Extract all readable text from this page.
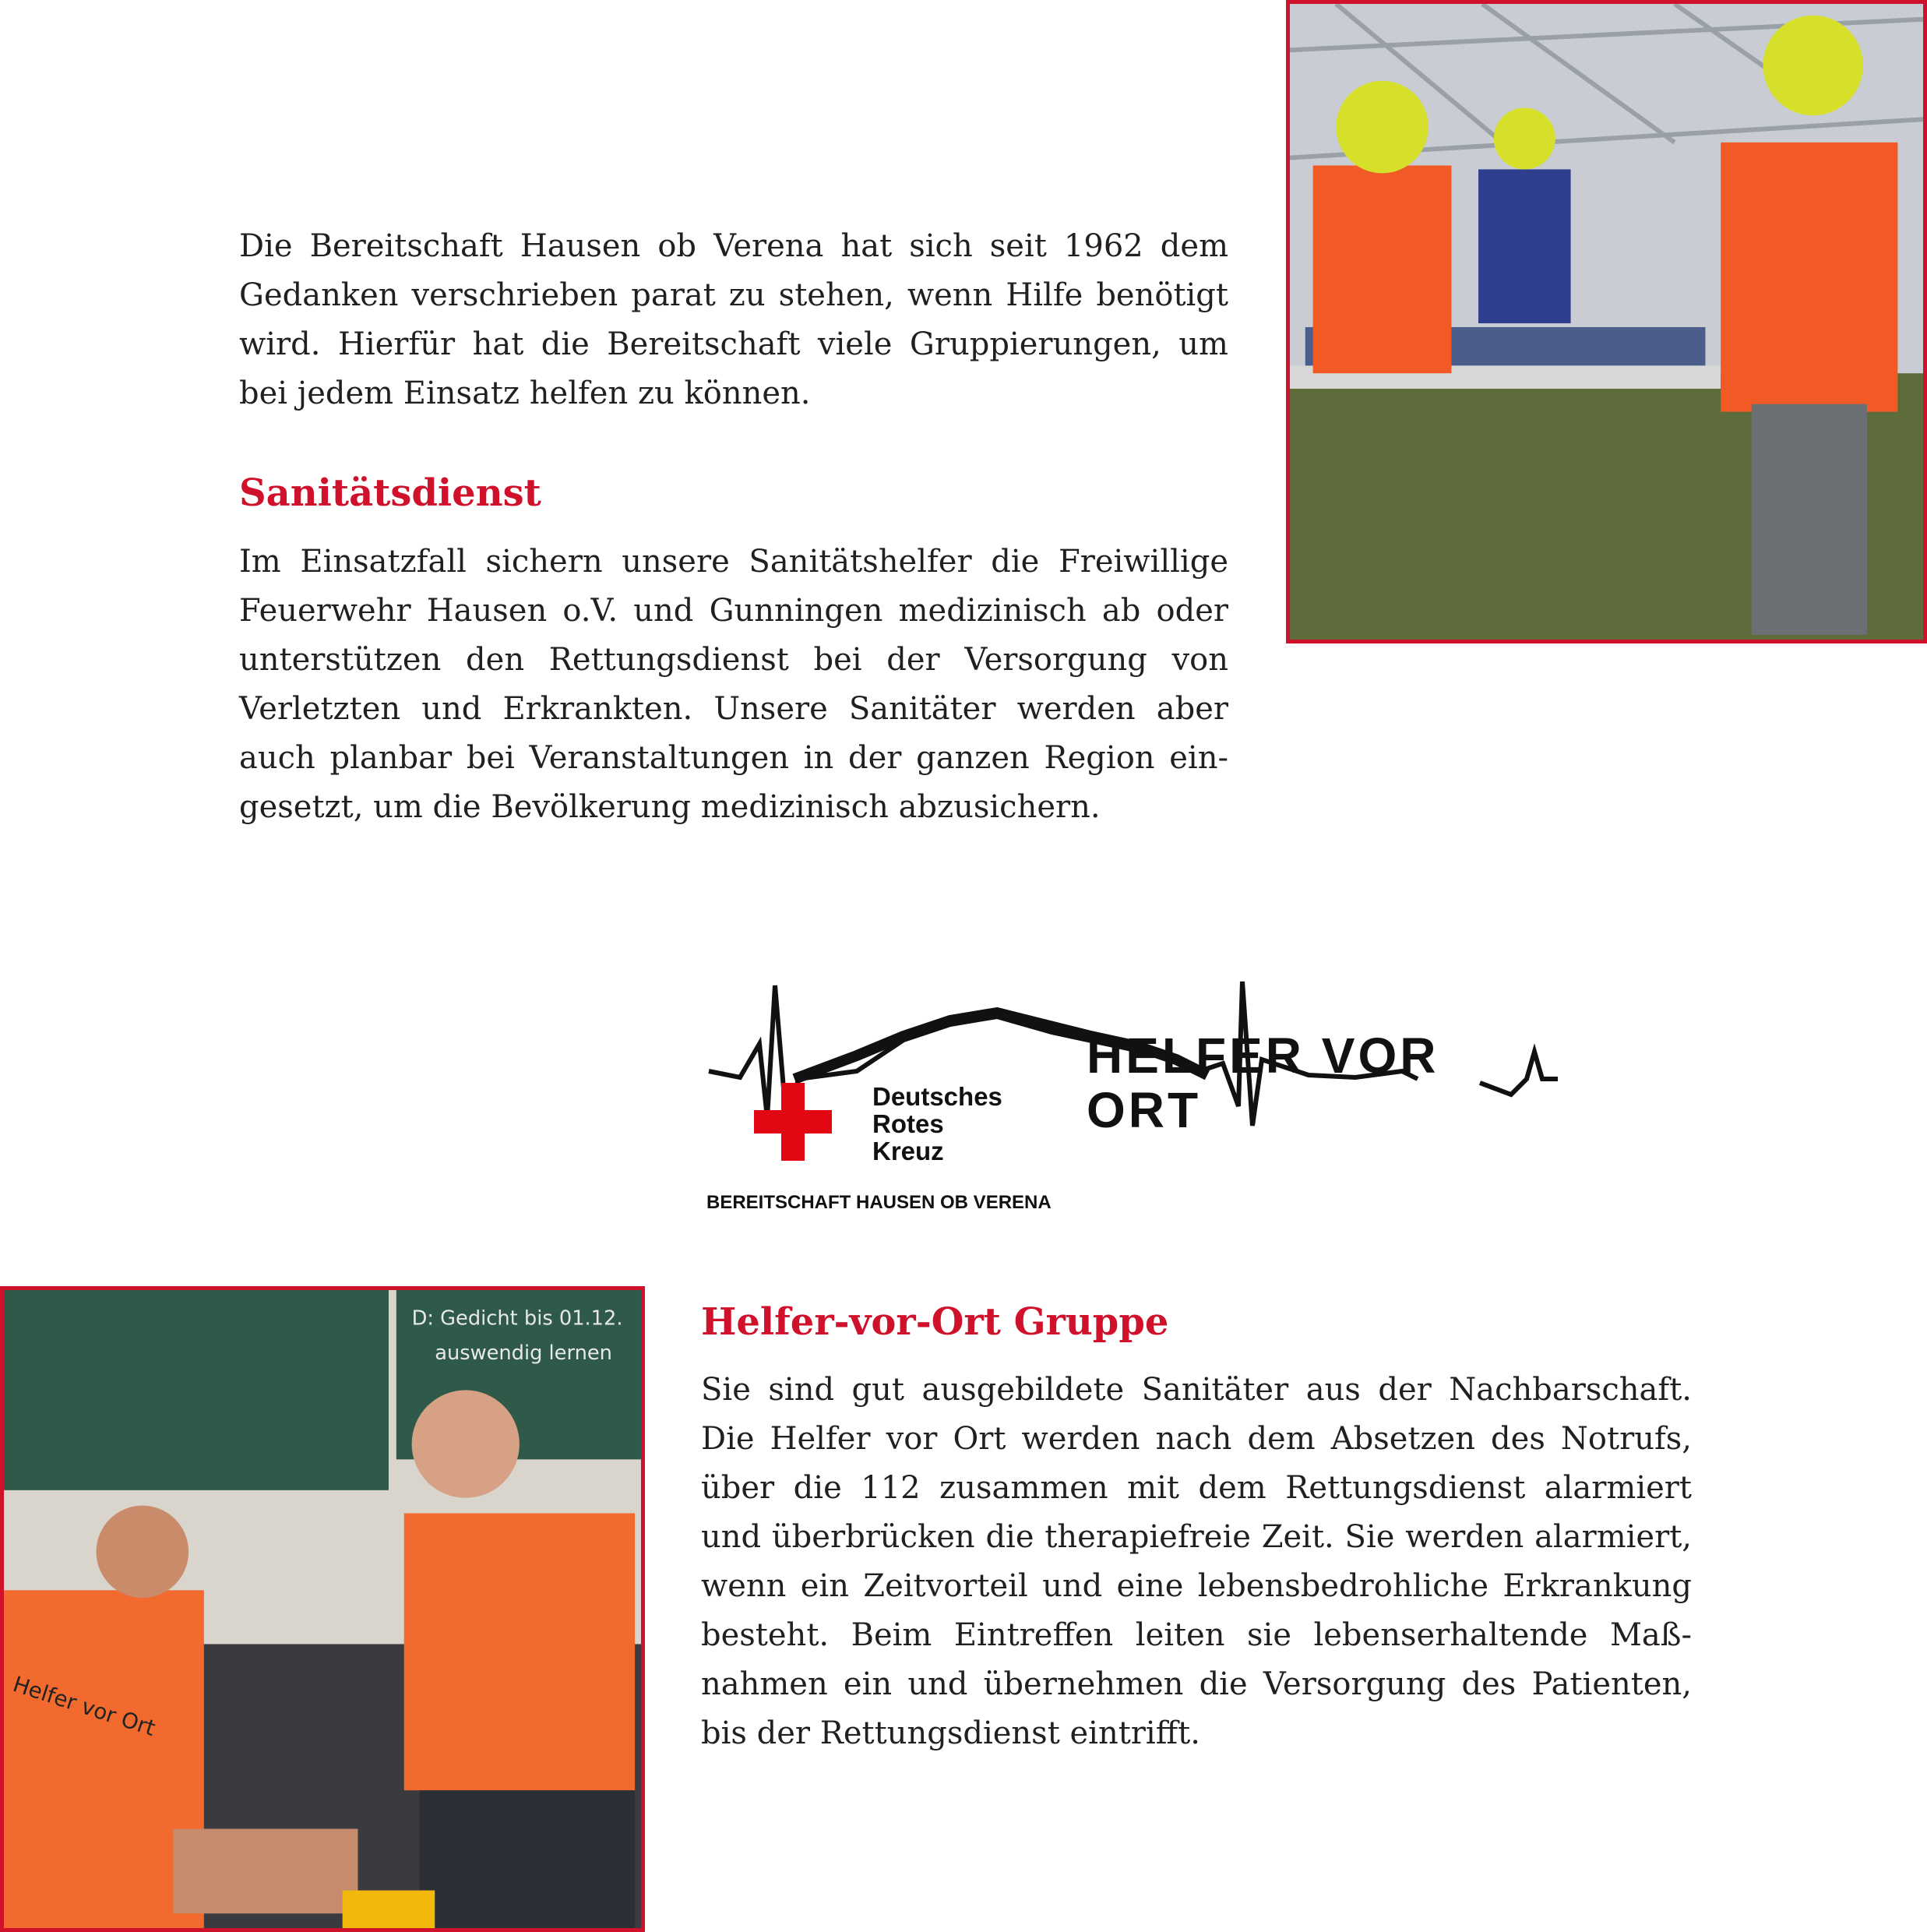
Die Bereitschaft Hausen ob Verena hat sich seit 1962 dem Gedanken verschrieben parat zu stehen, wenn Hilfe benötigt wird. Hierfür hat die Bereitschaft viele Gruppierungen, um bei jedem Einsatz helfen zu können.

Sanitätsdienst

Im Einsatzfall sichern unsere Sanitätshelfer die Freiwillige Feuerwehr Hausen o.V. und Gunningen medizinisch ab oder unterstützen den Rettungsdienst bei der Versorgung von Verletzten und Erkrankten. Unsere Sanitäter werden aber auch planbar bei Veranstaltungen in der ganzen Region eingesetzt, um die Bevölkerung medizinisch abzusichern.

Deutsches
Rotes
Kreuz
HELFER VOR ORT
BEREITSCHAFT HAUSEN OB VERENA
D: Gedicht bis 01.12.
auswendig lernen
Helfer vor Ort
Helfer-vor-Ort Gruppe

Sie sind gut ausgebildete Sanitäter aus der Nachbarschaft. Die Helfer vor Ort werden nach dem Absetzen des Notrufs, über die 112 zusammen mit dem Rettungsdienst alarmiert und überbrücken die therapiefreie Zeit. Sie werden alarmiert, wenn ein Zeitvorteil und eine lebensbedrohliche Erkrankung besteht. Beim Eintreffen leiten sie lebenserhaltende Maßnahmen ein und übernehmen die Versorgung des Patienten, bis der Rettungsdienst eintrifft.
